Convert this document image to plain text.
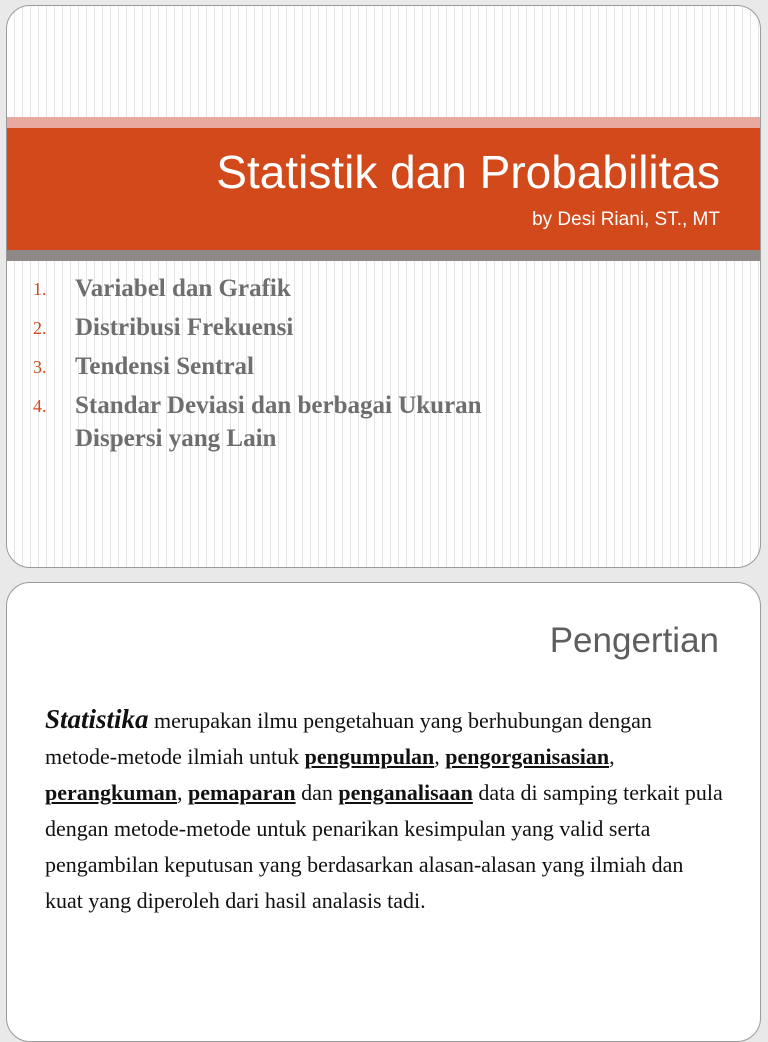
Statistik dan Probabilitas
by Desi Riani, ST., MT
1. Variabel dan Grafik
2. Distribusi Frekuensi
3. Tendensi Sentral
4. Standar Deviasi dan berbagai Ukuran Dispersi yang Lain
Pengertian

Statistika merupakan ilmu pengetahuan yang berhubungan dengan metode-metode ilmiah untuk pengumpulan, pengorganisasian, perangkuman, pemaparan dan penganalisaan data di samping terkait pula dengan metode-metode untuk penarikan kesimpulan yang valid serta pengambilan keputusan yang berdasarkan alasan-alasan yang ilmiah dan kuat yang diperoleh dari hasil analasis tadi.
